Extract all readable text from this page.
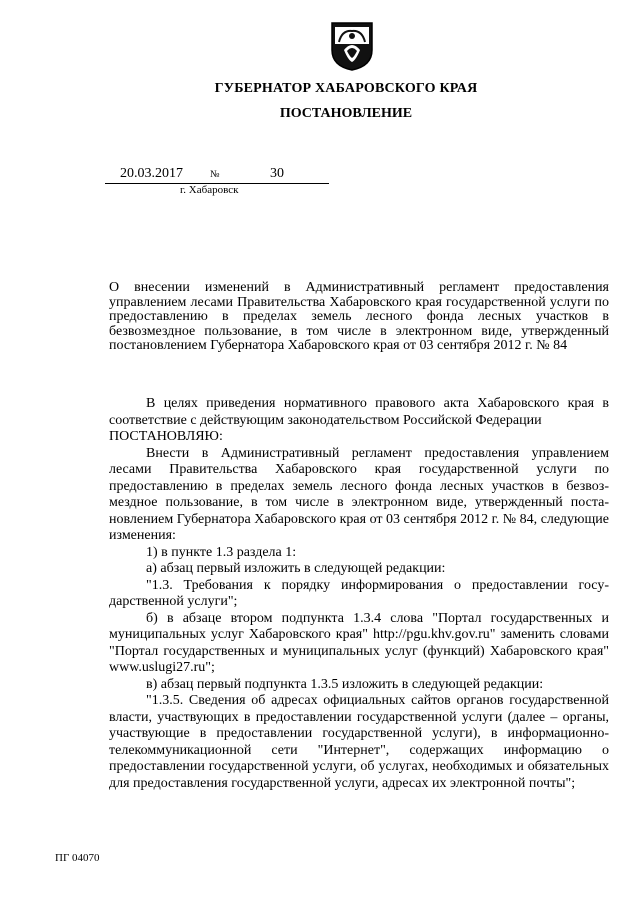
ГУБЕРНАТОР ХАБАРОВСКОГО КРАЯ
ПОСТАНОВЛЕНИЕ
20.03.2017	№	30
г. Хабаровск
О внесении изменений в Административный регламент предоставления управлением лесами Правительства Хабаровского края государственной услуги по предоставлению в пределах земель лесного фонда лесных участков в безвозмездное пользование, в том числе в электронном виде, утвержденный постановлением Губернатора Хабаровского края от 03 сентября 2012 г. № 84

В целях приведения нормативного правового акта Хабаровского края в соответствие с действующим законодательством Российской Федерации

ПОСТАНОВЛЯЮ:

Внести в Административный регламент предоставления управлением лесами Правительства Хабаровского края государственной услуги по предоставлению в пределах земель лесного фонда лесных участков в безвозмездное пользование, в том числе в электронном виде, утвержденный постановлением Губернатора Хабаровского края от 03 сентября 2012 г. № 84, следующие изменения:

1) в пункте 1.3 раздела 1:

а) абзац первый изложить в следующей редакции:

"1.3. Требования к порядку информирования о предоставлении государственной услуги";

б) в абзаце втором подпункта 1.3.4 слова "Портал государственных и муниципальных услуг Хабаровского края" http://pgu.khv.gov.ru" заменить словами "Портал государственных и муниципальных услуг (функций) Хабаровского края" www.uslugi27.ru";

в) абзац первый подпункта 1.3.5 изложить в следующей редакции:

"1.3.5. Сведения об адресах официальных сайтов органов государственной власти, участвующих в предоставлении государственной услуги (далее – органы, участвующие в предоставлении государственной услуги), в информационно-телекоммуникационной сети "Интернет", содержащих информацию о предоставлении государственной услуги, об услугах, необходимых и обязательных для предоставления государственной услуги, адресах их электронной почты";

ПГ 04070
